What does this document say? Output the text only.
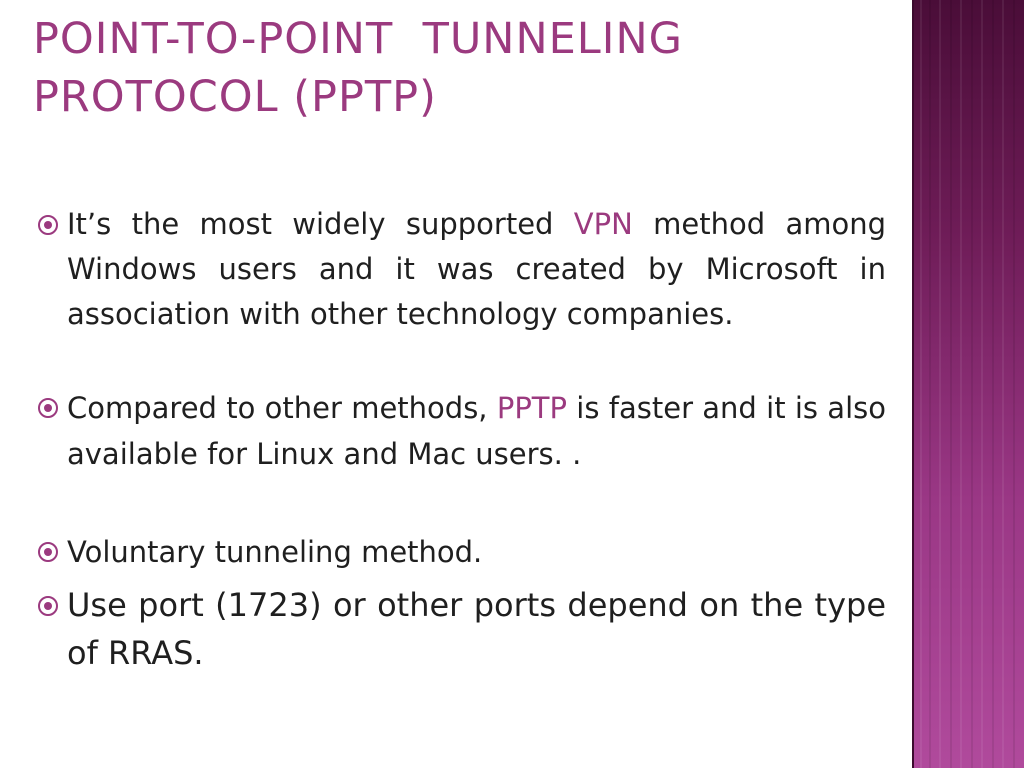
POINT-TO-POINT  TUNNELING
PROTOCOL (PPTP)

It’s the most widely supported VPN method among Windows users and it was created by Microsoft in association with other technology companies.

Compared to other methods, PPTP is faster and it is also available for Linux and Mac users. .

Voluntary tunneling method.

Use port (1723) or other ports depend on the type of RRAS.
